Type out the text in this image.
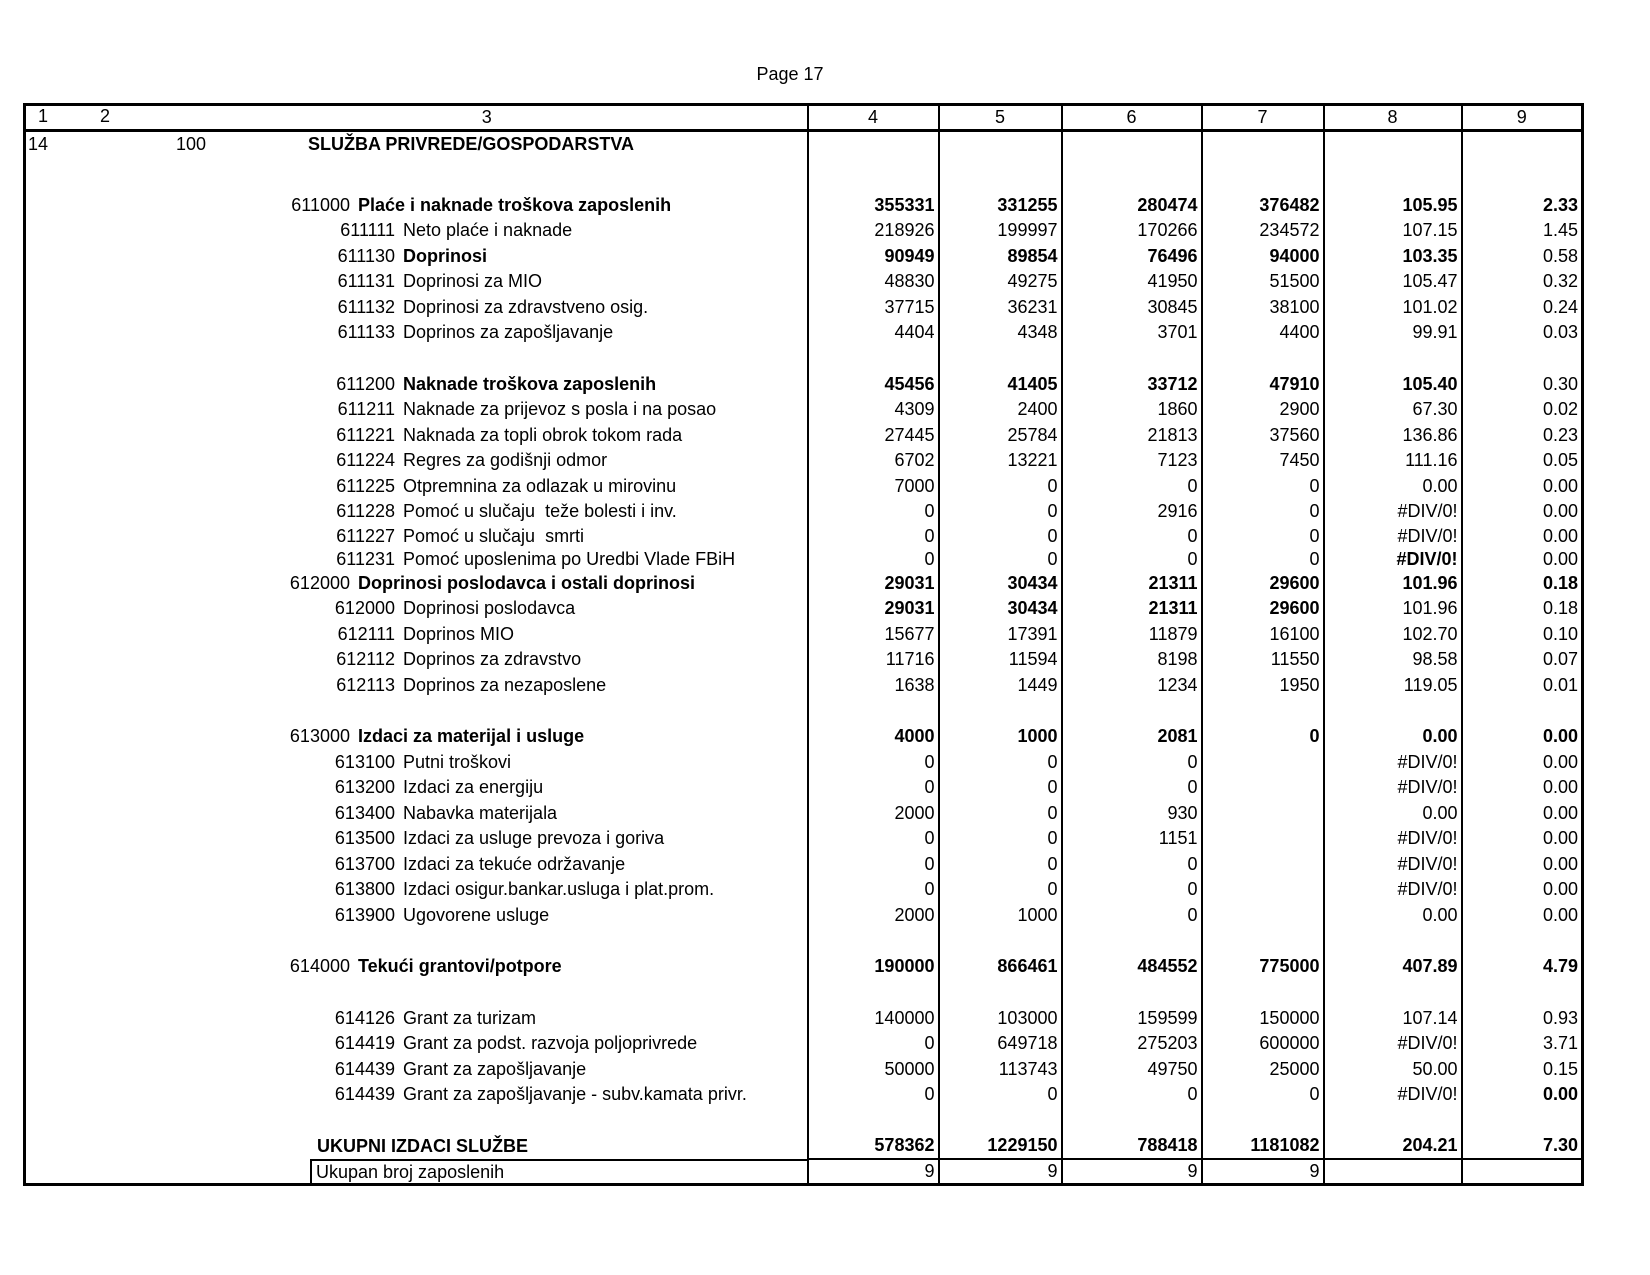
Page 17
1 2 3	4	5	6	7	8	9

14 100 SLUŽBA PRIVREDE/GOSPODARSTVA						

611000 Plaće i naknade troškova zaposlenih	355331	331255	280474	376482	105.95	2.33
611111 Neto plaće i naknade	218926	199997	170266	234572	107.15	1.45
611130 Doprinosi	90949	89854	76496	94000	103.35	0.58
611131 Doprinosi za MIO	48830	49275	41950	51500	105.47	0.32
611132 Doprinosi za zdravstveno osig.	37715	36231	30845	38100	101.02	0.24
611133 Doprinos za zapošljavanje	4404	4348	3701	4400	99.91	0.03

611200 Naknade troškova zaposlenih	45456	41405	33712	47910	105.40	0.30
611211 Naknade za prijevoz s posla i na posao	4309	2400	1860	2900	67.30	0.02
611221 Naknada za topli obrok tokom rada	27445	25784	21813	37560	136.86	0.23
611224 Regres za godišnji odmor	6702	13221	7123	7450	111.16	0.05
611225 Otpremnina za odlazak u mirovinu	7000	0	0	0	0.00	0.00
611228 Pomoć u slučaju  teže bolesti i inv.	0	0	2916	0	#DIV/0!	0.00
611227 Pomoć u slučaju  smrti	0	0	0	0	#DIV/0!	0.00
611231 Pomoć uposlenima po Uredbi Vlade FBiH	0	0	0	0	#DIV/0!	0.00
612000 Doprinosi poslodavca i ostali doprinosi	29031	30434	21311	29600	101.96	0.18
612000 Doprinosi poslodavca	29031	30434	21311	29600	101.96	0.18
612111 Doprinos MIO	15677	17391	11879	16100	102.70	0.10
612112 Doprinos za zdravstvo	11716	11594	8198	11550	98.58	0.07
612113 Doprinos za nezaposlene	1638	1449	1234	1950	119.05	0.01

613000 Izdaci za materijal i usluge	4000	1000	2081	0	0.00	0.00
613100 Putni troškovi	0	0	0		#DIV/0!	0.00
613200 Izdaci za energiju	0	0	0		#DIV/0!	0.00
613400 Nabavka materijala	2000	0	930		0.00	0.00
613500 Izdaci za usluge prevoza i goriva	0	0	1151		#DIV/0!	0.00
613700 Izdaci za tekuće održavanje	0	0	0		#DIV/0!	0.00
613800 Izdaci osigur.bankar.usluga i plat.prom.	0	0	0		#DIV/0!	0.00
613900 Ugovorene usluge	2000	1000	0		0.00	0.00

614000 Tekući grantovi/potpore	190000	866461	484552	775000	407.89	4.79

614126 Grant za turizam	140000	103000	159599	150000	107.14	0.93
614419 Grant za podst. razvoja poljoprivrede	0	649718	275203	600000	#DIV/0!	3.71
614439 Grant za zapošljavanje	50000	113743	49750	25000	50.00	0.15
614439 Grant za zapošljavanje - subv.kamata privr.	0	0	0	0	#DIV/0!	0.00

UKUPNI IZDACI SLUŽBE	578362	1229150	788418	1181082	204.21	7.30

Ukupan broj zaposlenih	9	9	9	9		
